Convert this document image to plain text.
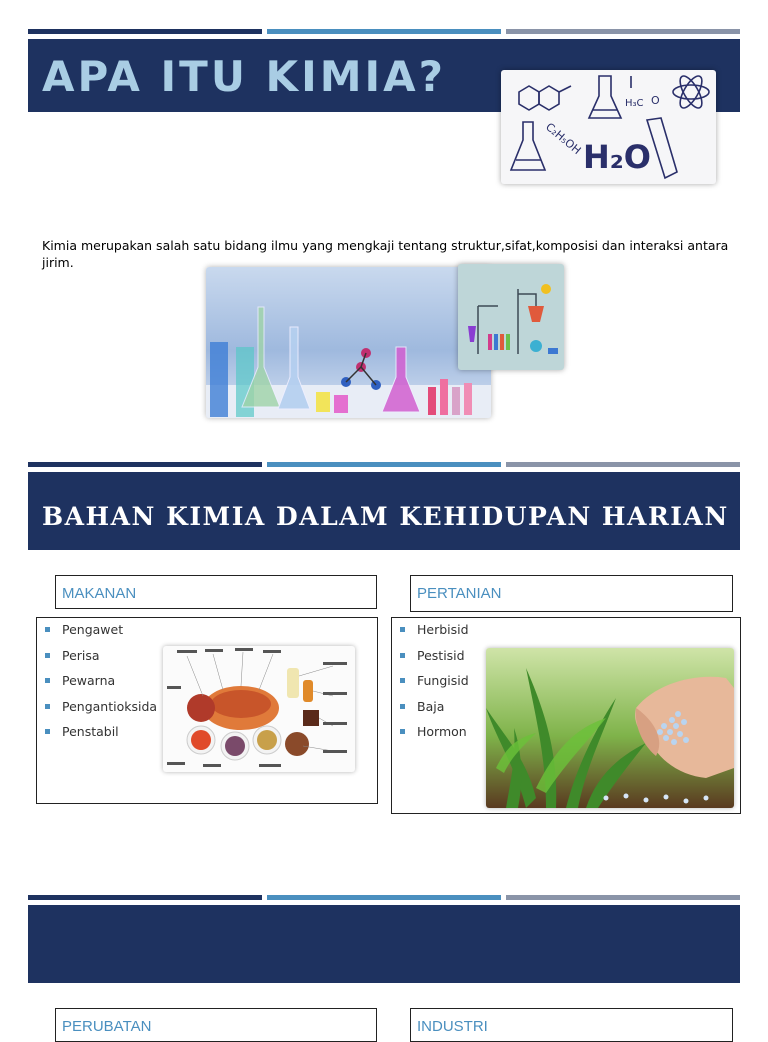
APA ITU KIMIA?
H₂O
C₂H₅OH
H₃C O

Kimia merupakan salah satu bidang ilmu yang mengkaji tentang struktur,sifat,komposisi dan interaksi antara jirim.

BAHAN KIMIA DALAM KEHIDUPAN HARIAN
MAKANAN
Pengawet
Perisa
Pewarna
Pengantioksida
Penstabil
PERTANIAN
Herbisid
Pestisid
Fungisid
Baja
Hormon
PERUBATAN	INDUSTRI
